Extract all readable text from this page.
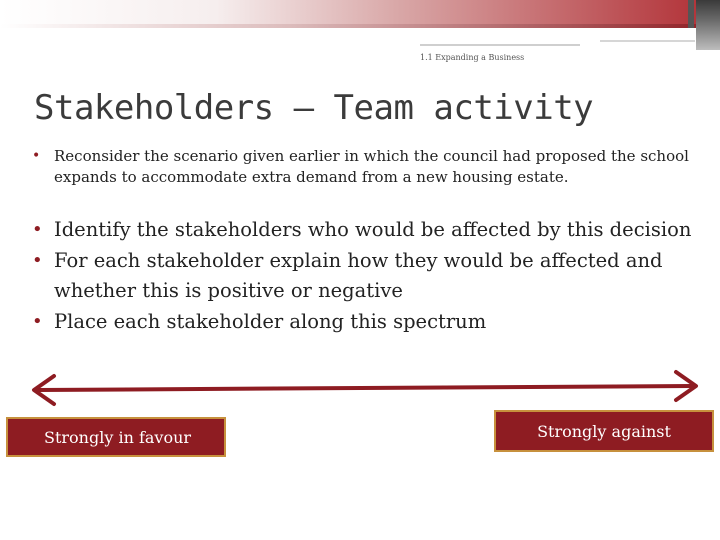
1.1 Expanding a Business
Stakeholders – Team activity
• Reconsider the scenario given earlier in which the council had proposed the school expands to accommodate extra demand from a new housing estate.
• Identify the stakeholders who would be affected by this decision
• For each stakeholder explain how they would be affected and whether this is positive or negative
• Place each stakeholder along this spectrum
Strongly in favour	Strongly against
